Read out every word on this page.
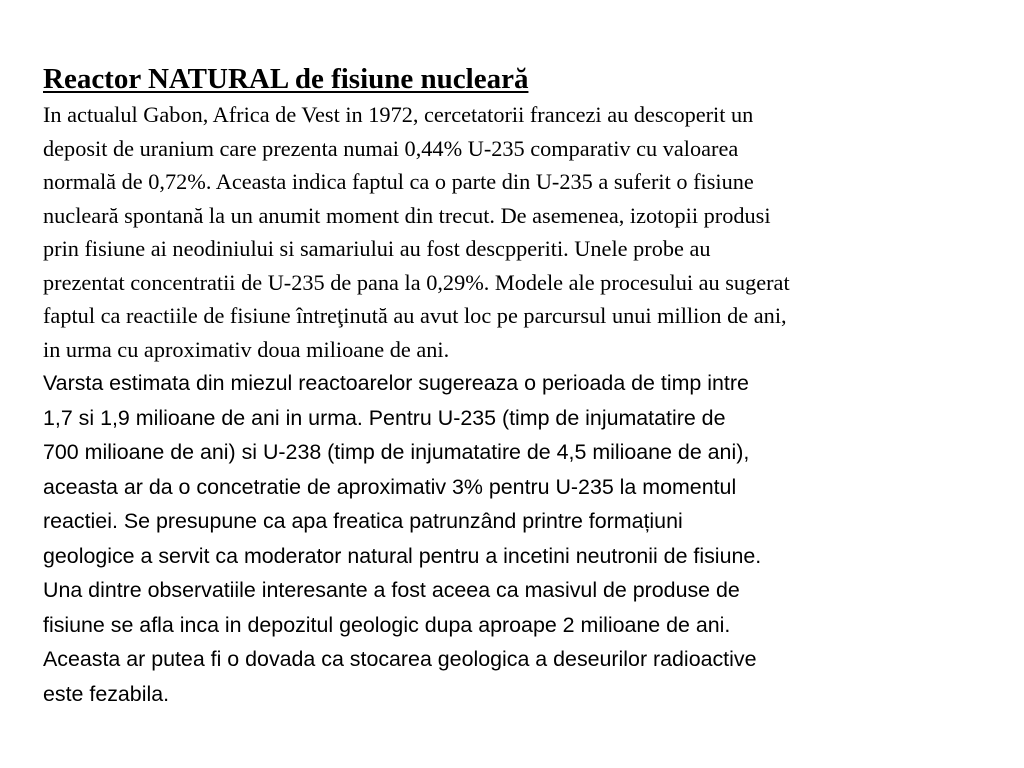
Reactor NATURAL de fisiune nucleară

In actualul Gabon, Africa de Vest in 1972, cercetatorii francezi au descoperit un
deposit de uranium care prezenta numai 0,44% U-235 comparativ cu valoarea
normală de 0,72%. Aceasta indica faptul ca o parte din U-235 a suferit o fisiune
nucleară spontană la un anumit moment din trecut. De asemenea, izotopii produsi
prin fisiune ai neodiniului si samariului au fost descpperiti. Unele probe au
prezentat concentratii de U-235 de pana la 0,29%. Modele ale procesului au sugerat
faptul ca reactiile de fisiune întreţinută au avut loc pe parcursul unui million de ani,
in urma cu aproximativ doua milioane de ani.

Varsta estimata din miezul reactoarelor sugereaza o perioada de timp intre
1,7 si 1,9 milioane de ani in urma. Pentru U-235 (timp de injumatatire de
700 milioane de ani) si U-238 (timp de injumatatire de 4,5 milioane de ani),
aceasta ar da o concetratie de aproximativ 3% pentru U-235 la momentul
reactiei. Se presupune ca apa freatica patrunzând printre formațiuni
geologice a servit ca moderator natural pentru a incetini neutronii de fisiune.
Una dintre observatiile interesante a fost aceea ca masivul de produse de
fisiune se afla inca in depozitul geologic dupa aproape 2 milioane de ani.
Aceasta ar putea fi o dovada ca stocarea geologica a deseurilor radioactive
este fezabila.
